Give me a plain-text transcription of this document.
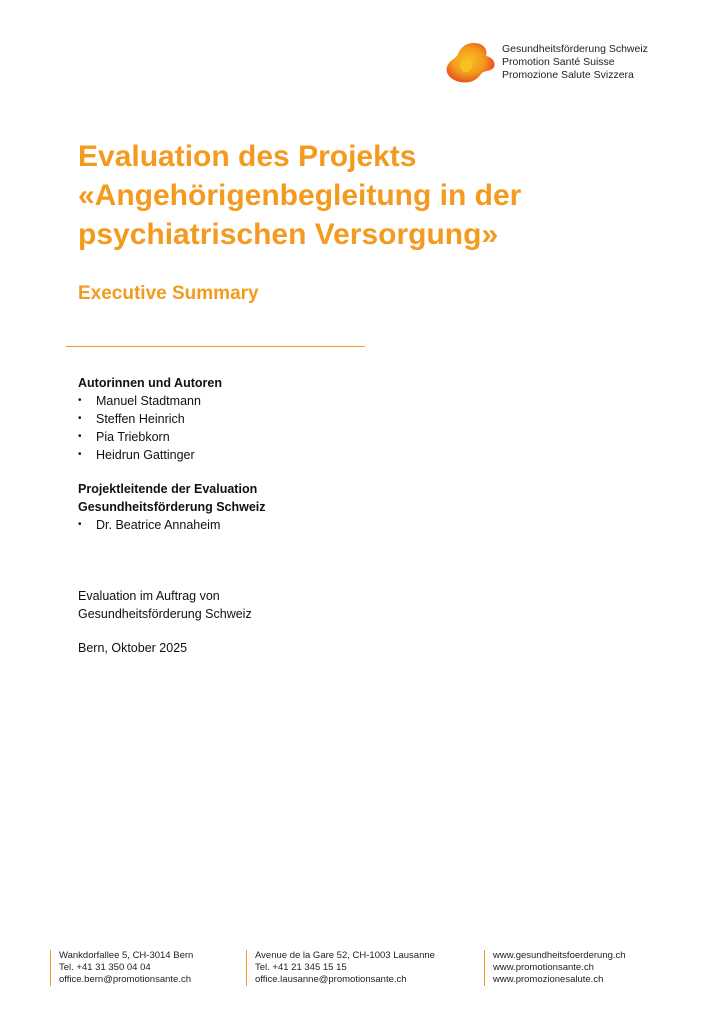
Gesundheitsförderung Schweiz
Promotion Santé Suisse
Promozione Salute Svizzera
Evaluation des Projekts
«Angehörigenbegleitung in der
psychiatrischen Versorgung»
Executive Summary

Autorinnen und Autoren

• Manuel Stadtmann
• Steffen Heinrich
• Pia Triebkorn
• Heidrun Gattinger

Projektleitende der Evaluation

Gesundheitsförderung Schweiz

• Dr. Beatrice Annaheim

Evaluation im Auftrag von

Gesundheitsförderung Schweiz

Bern, Oktober 2025

Wankdorfallee 5, CH-3014 Bern
Tel. +41 31 350 04 04
office.bern@promotionsante.ch
Avenue de la Gare 52, CH-1003 Lausanne
Tel. +41 21 345 15 15
office.lausanne@promotionsante.ch
www.gesundheitsfoerderung.ch
www.promotionsante.ch
www.promozionesalute.ch
